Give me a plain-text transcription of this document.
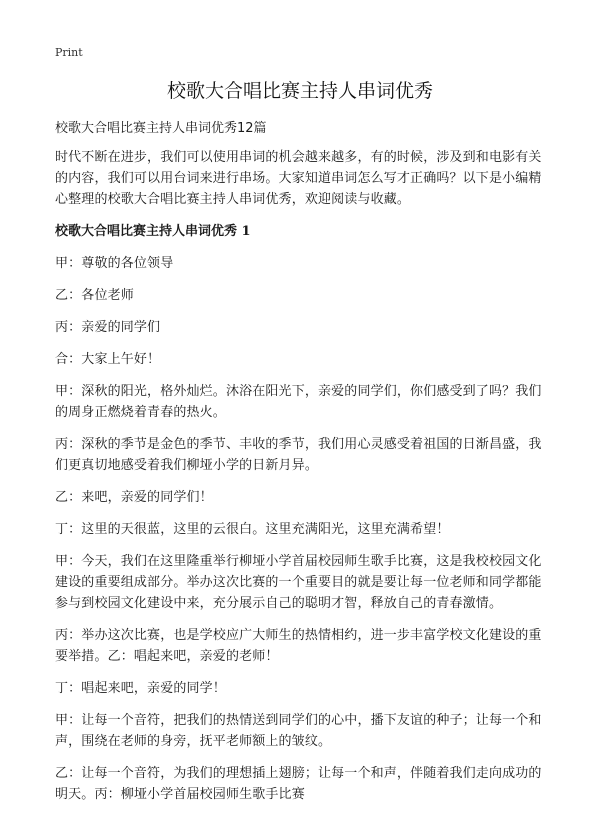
Print
校歌大合唱比赛主持人串词优秀
校歌大合唱比赛主持人串词优秀12篇

时代不断在进步，我们可以使用串词的机会越来越多，有的时候，涉及到和电影有关的内容，我们可以用台词来进行串场。大家知道串词怎么写才正确吗？以下是小编精心整理的校歌大合唱比赛主持人串词优秀，欢迎阅读与收藏。

校歌大合唱比赛主持人串词优秀 1

甲：尊敬的各位领导

乙：各位老师

丙：亲爱的同学们

合：大家上午好！

甲：深秋的阳光，格外灿烂。沐浴在阳光下，亲爱的同学们，你们感受到了吗？我们的周身正燃烧着青春的热火。

丙：深秋的季节是金色的季节、丰收的季节，我们用心灵感受着祖国的日渐昌盛，我们更真切地感受着我们柳垭小学的日新月异。

乙：来吧，亲爱的同学们！

丁：这里的天很蓝，这里的云很白。这里充满阳光，这里充满希望！

甲：今天，我们在这里隆重举行柳垭小学首届校园师生歌手比赛，这是我校校园文化建设的重要组成部分。举办这次比赛的一个重要目的就是要让每一位老师和同学都能参与到校园文化建设中来，充分展示自己的聪明才智，释放自己的青春激情。

丙：举办这次比赛，也是学校应广大师生的热情相约，进一步丰富学校文化建设的重要举措。乙：唱起来吧，亲爱的老师！

丁：唱起来吧，亲爱的同学！

甲：让每一个音符，把我们的热情送到同学们的心中，播下友谊的种子；让每一个和声，围绕在老师的身旁，抚平老师额上的皱纹。

乙：让每一个音符，为我们的理想插上翅膀；让每一个和声，伴随着我们走向成功的明天。丙：柳垭小学首届校园师生歌手比赛
